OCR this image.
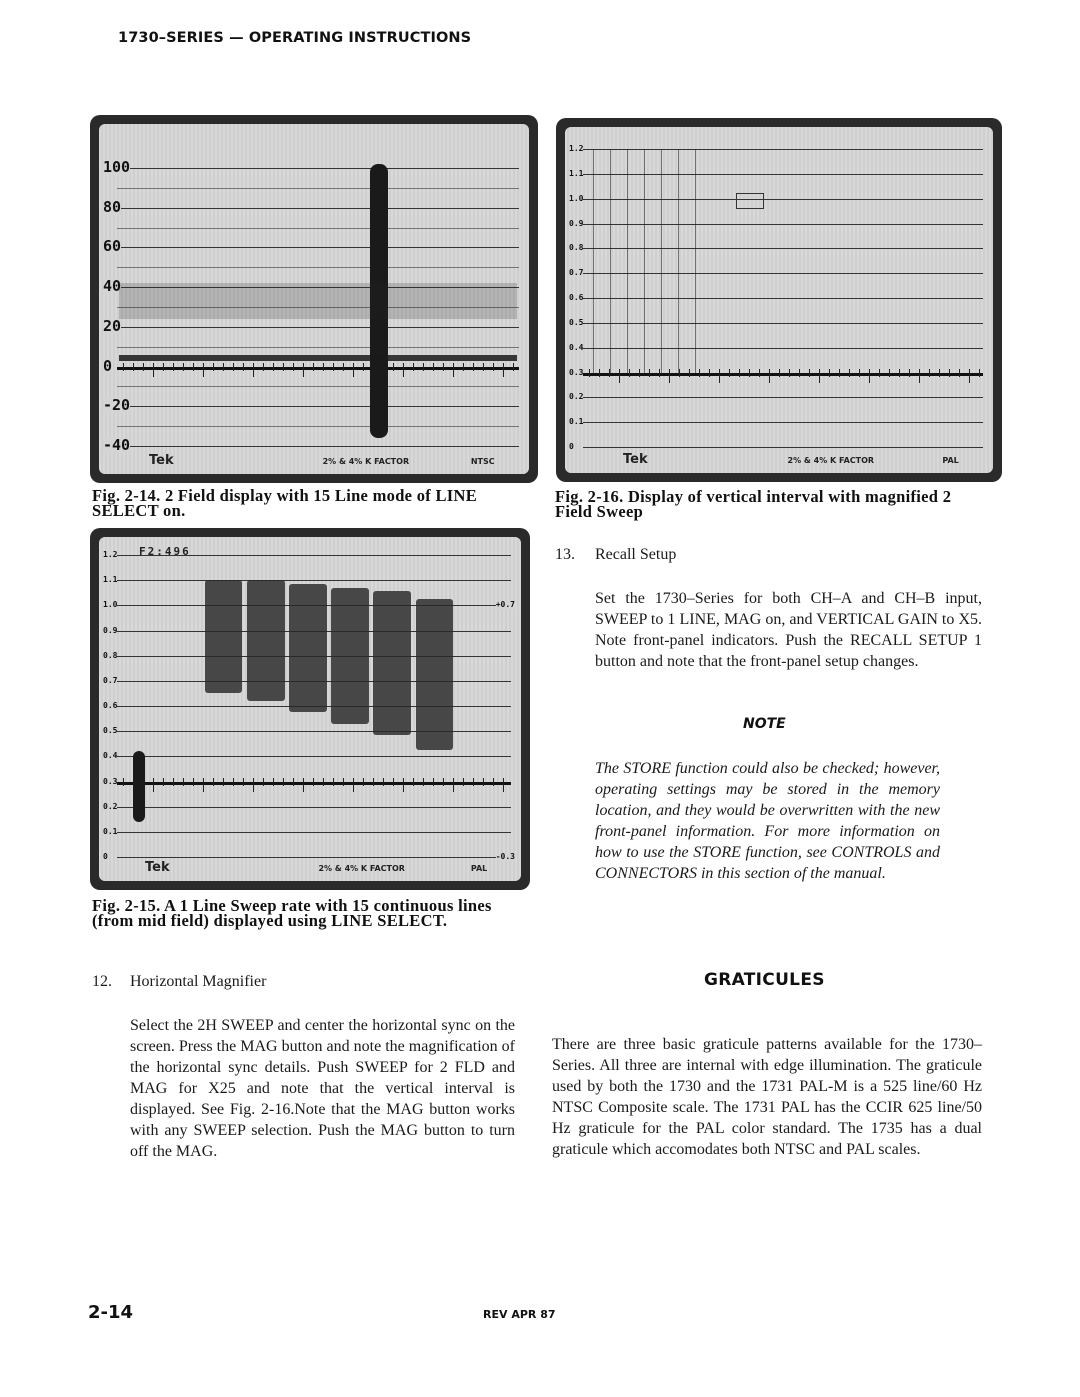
1730–SERIES — OPERATING INSTRUCTIONS
100
80
60
40
20
0
-20
-40
Tek	2% & 4% K FACTOR	NTSC
Fig. 2-14. 2 Field display with 15 Line mode of LINE SELECT on.
1.2
1.1
1.0
0.9
0.8
0.7
0.6
0.5
0.4
0.3
0.2
0.1
0
Tek	2% & 4% K FACTOR	PAL
F2:496
+0.7
-0.3
Fig. 2-15. A 1 Line Sweep rate with 15 continuous lines (from mid field) displayed using LINE SELECT.
1.2
1.1
1.0
0.9
0.8
0.7
0.6
0.5
0.4
0.3
0.2
0.1
0
Tek	2% & 4% K FACTOR	PAL
Fig. 2-16. Display of vertical interval with magnified 2 Field Sweep
12. Horizontal Magnifier
Select the 2H SWEEP and center the horizontal sync on the screen. Press the MAG button and note the magnification of the horizontal sync details. Push SWEEP for 2 FLD and MAG for X25 and note that the vertical interval is displayed. See Fig. 2-16.Note that the MAG button works with any SWEEP selection. Push the MAG button to turn off the MAG.
13. Recall Setup
Set the 1730–Series for both CH–A and CH–B input, SWEEP to 1 LINE, MAG on, and VERTICAL GAIN to X5. Note front-panel indicators. Push the RECALL SETUP 1 button and note that the front-panel setup changes.
NOTE
The STORE function could also be checked; however, operating settings may be stored in the memory location, and they would be overwritten with the new front-panel information. For more information on how to use the STORE function, see CONTROLS and CONNECTORS in this section of the manual.
GRATICULES
There are three basic graticule patterns available for the 1730–Series. All three are internal with edge illumination. The graticule used by both the 1730 and the 1731 PAL-M is a 525 line/60 Hz NTSC Composite scale. The 1731 PAL has the CCIR 625 line/50 Hz graticule for the PAL color standard. The 1735 has a dual graticule which accomodates both NTSC and PAL scales.
2-14	REV APR 87
